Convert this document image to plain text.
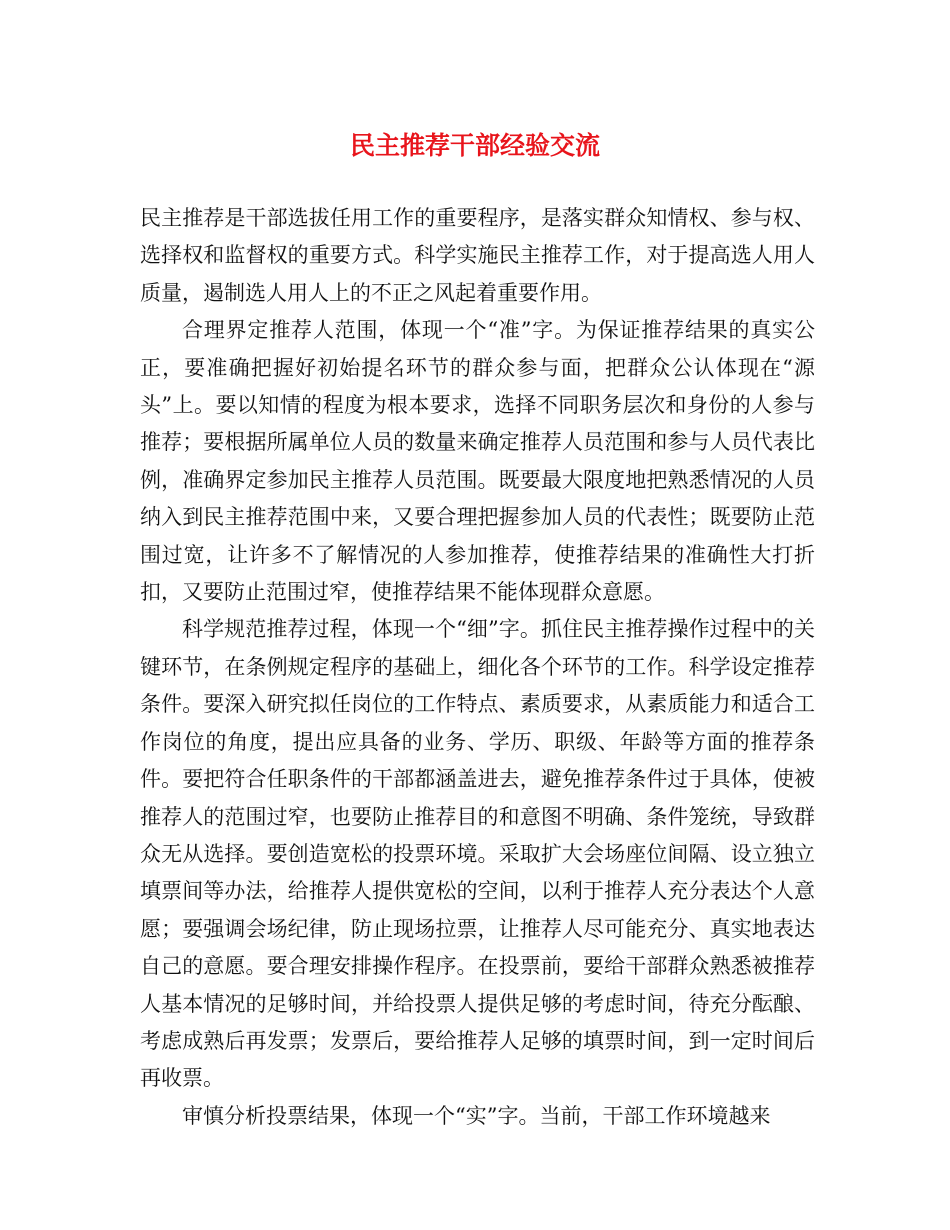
民主推荐干部经验交流

民主推荐是干部选拔任用工作的重要程序，是落实群众知情权、参与权、选择权和监督权的重要方式。科学实施民主推荐工作，对于提高选人用人质量，遏制选人用人上的不正之风起着重要作用。

合理界定推荐人范围，体现一个“准”字。为保证推荐结果的真实公正，要准确把握好初始提名环节的群众参与面，把群众公认体现在“源头”上。要以知情的程度为根本要求，选择不同职务层次和身份的人参与推荐；要根据所属单位人员的数量来确定推荐人员范围和参与人员代表比例，准确界定参加民主推荐人员范围。既要最大限度地把熟悉情况的人员纳入到民主推荐范围中来，又要合理把握参加人员的代表性；既要防止范围过宽，让许多不了解情况的人参加推荐，使推荐结果的准确性大打折扣，又要防止范围过窄，使推荐结果不能体现群众意愿。

科学规范推荐过程，体现一个“细”字。抓住民主推荐操作过程中的关键环节，在条例规定程序的基础上，细化各个环节的工作。科学设定推荐条件。要深入研究拟任岗位的工作特点、素质要求，从素质能力和适合工作岗位的角度，提出应具备的业务、学历、职级、年龄等方面的推荐条件。要把符合任职条件的干部都涵盖进去，避免推荐条件过于具体，使被推荐人的范围过窄，也要防止推荐目的和意图不明确、条件笼统，导致群众无从选择。要创造宽松的投票环境。采取扩大会场座位间隔、设立独立填票间等办法，给推荐人提供宽松的空间，以利于推荐人充分表达个人意愿；要强调会场纪律，防止现场拉票，让推荐人尽可能充分、真实地表达自己的意愿。要合理安排操作程序。在投票前，要给干部群众熟悉被推荐人基本情况的足够时间，并给投票人提供足够的考虑时间，待充分酝酿、考虑成熟后再发票；发票后，要给推荐人足够的填票时间，到一定时间后再收票。

审慎分析投票结果，体现一个“实”字。当前，干部工作环境越来
